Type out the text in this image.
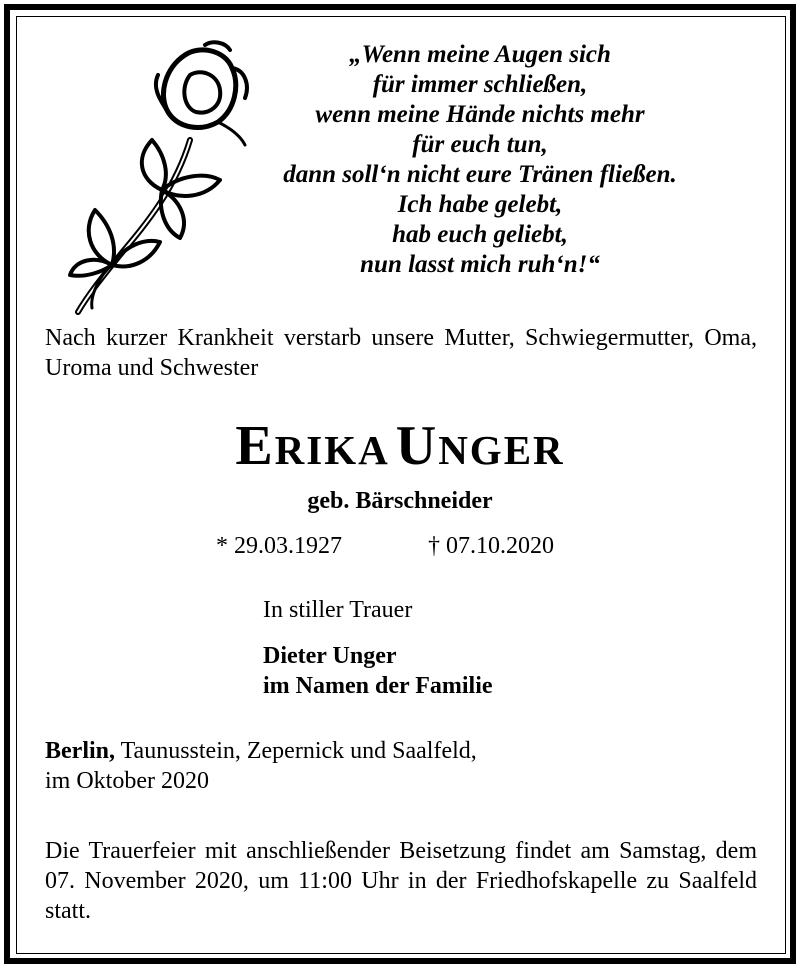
„Wenn meine Augen sich
für immer schließen,
wenn meine Hände nichts mehr
für euch tun,
dann soll‘n nicht eure Tränen fließen.
Ich habe gelebt,
hab euch geliebt,
nun lasst mich ruh‘n!“
Nach kurzer Krankheit verstarb unsere Mutter, Schwiegermutter, Oma, Uroma und Schwester
ERIKA UNGER
geb. Bärschneider
* 29.03.1927	† 07.10.2020
In stiller Trauer
Dieter Unger
im Namen der Familie
Berlin, Taunusstein, Zepernick und Saalfeld,
im Oktober 2020
Die Trauerfeier mit anschließender Beisetzung findet am Samstag, dem 07. November 2020, um 11:00 Uhr in der Friedhofskapelle zu Saalfeld statt.
